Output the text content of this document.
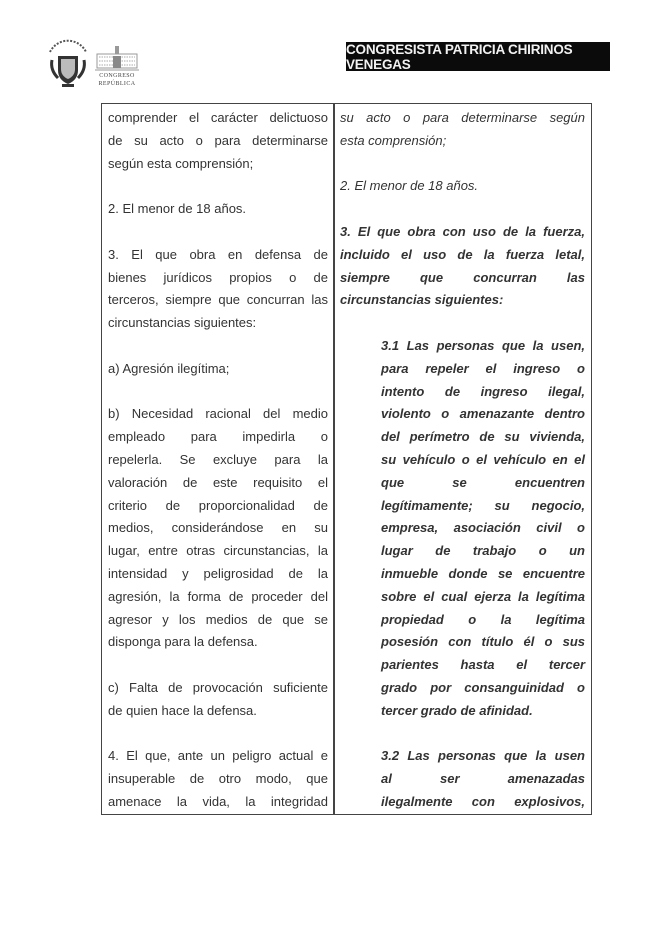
CONGRESO
REPÚBLICA
CONGRESISTA PATRICIA CHIRINOS VENEGAS
comprender el carácter delictuoso
de su acto o para determinarse
según esta comprensión;
2. El menor de 18 años.
3. El que obra en defensa de
bienes jurídicos propios o de
terceros, siempre que concurran las
circunstancias siguientes:
a) Agresión ilegítima;
b) Necesidad racional del medio
empleado para impedirla o
repelerla. Se excluye para la
valoración de este requisito el
criterio de proporcionalidad de
medios, considerándose en su
lugar, entre otras circunstancias, la
intensidad y peligrosidad de la
agresión, la forma de proceder del
agresor y los medios de que se
disponga para la defensa.
c) Falta de provocación suficiente
de quien hace la defensa.
4. El que, ante un peligro actual e
insuperable de otro modo, que
amenace la vida, la integridad
su acto o para determinarse según
esta comprensión;
2. El menor de 18 años.
3. El que obra con uso de la fuerza,
incluido el uso de la fuerza letal,
siempre que concurran las
circunstancias siguientes:
3.1 Las personas que la usen,
para repeler el ingreso o
intento de ingreso ilegal,
violento o amenazante dentro
del perímetro de su vivienda,
su vehículo o el vehículo en el
que se encuentren
legítimamente; su negocio,
empresa, asociación civil o
lugar de trabajo o un
inmueble donde se encuentre
sobre el cual ejerza la legítima
propiedad o la legítima
posesión con título él o sus
parientes hasta el tercer
grado por consanguinidad o
tercer grado de afinidad.
3.2 Las personas que la usen
al ser amenazadas
ilegalmente con explosivos,
